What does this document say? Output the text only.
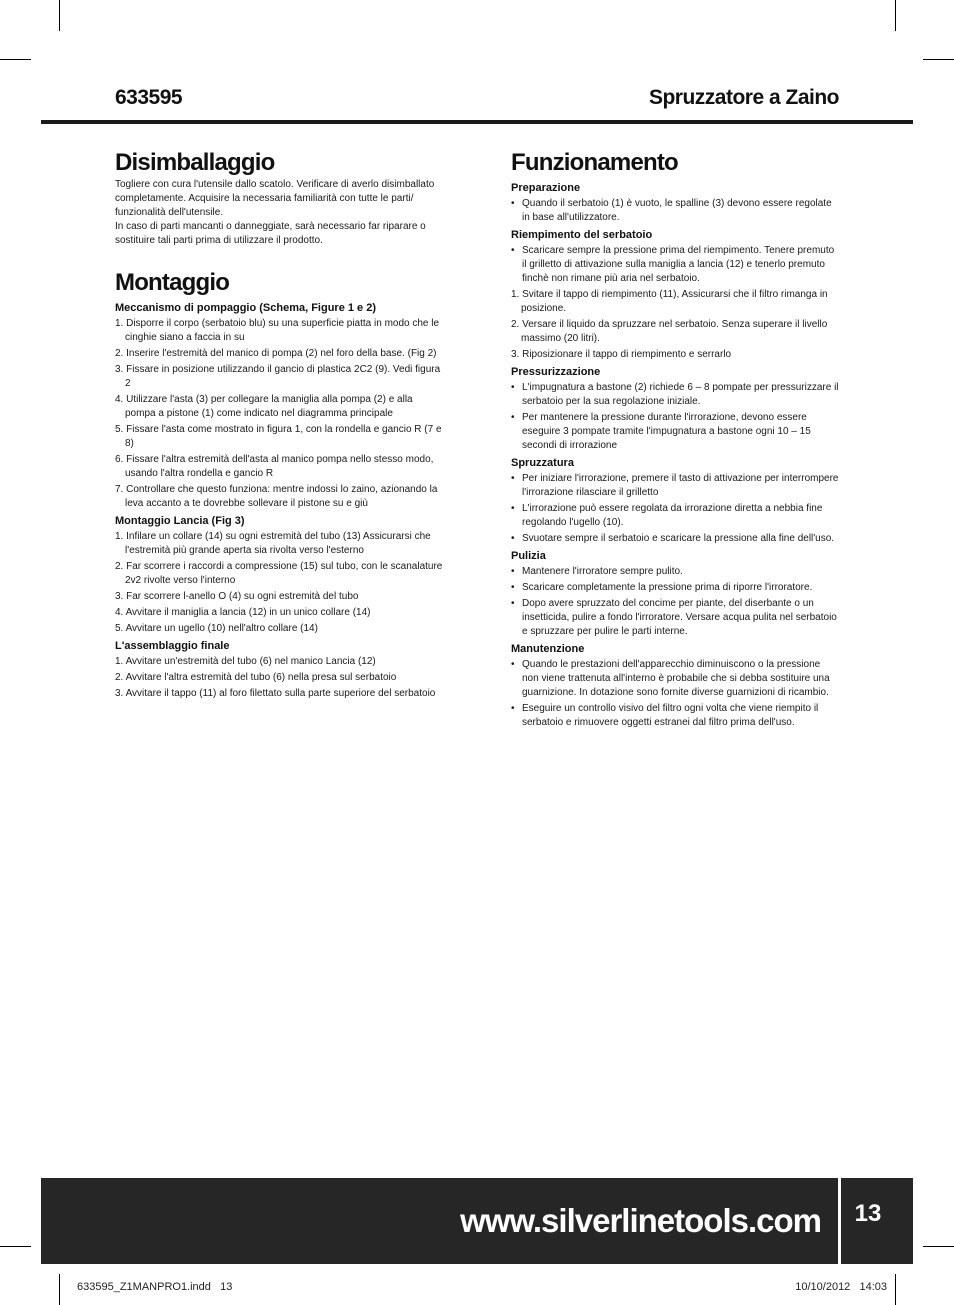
633595	Spruzzatore a Zaino
Disimballaggio

Togliere con cura l'utensile dallo scatolo. Verificare di averlo disimballato completamente. Acquisire la necessaria familiarità con tutte le parti/ funzionalità dell'utensile.

In caso di parti mancanti o danneggiate, sarà necessario far riparare o sostituire tali parti prima di utilizzare il prodotto.

Montaggio
Meccanismo di pompaggio (Schema, Figure 1 e 2)
1. Disporre il corpo (serbatoio blu) su una superficie piatta in modo che le cinghie siano a faccia in su
2. Inserire l'estremità del manico di pompa (2) nel foro della base. (Fig 2)
3. Fissare in posizione utilizzando il gancio di plastica 2C2 (9). Vedi figura 2
4. Utilizzare l'asta (3) per collegare la maniglia alla pompa (2) e alla pompa a pistone (1) come indicato nel diagramma principale
5. Fissare l'asta come mostrato in figura 1, con la rondella e gancio R (7 e 8)
6. Fissare l'altra estremità dell'asta al manico pompa nello stesso modo, usando l'altra rondella e gancio R
7. Controllare che questo funziona: mentre indossi lo zaino, azionando la leva accanto a te dovrebbe sollevare il pistone su e giù
Montaggio Lancia (Fig 3)
1. Infilare un collare (14) su ogni estremità del tubo (13) Assicurarsi che l'estremità più grande aperta sia rivolta verso l'esterno
2. Far scorrere i raccordi a compressione (15) sul tubo, con le scanalature 2v2 rivolte verso l'interno
3. Far scorrere l-anello O (4) su ogni estremità del tubo
4. Avvitare il maniglia a lancia (12) in un unico collare (14)
5. Avvitare un ugello (10) nell'altro collare (14)
L'assemblaggio finale
1. Avvitare un'estremità del tubo (6) nel manico Lancia (12)
2. Avvitare l'altra estremità del tubo (6) nella presa sul serbatoio
3. Avvitare il tappo (11) al foro filettato sulla parte superiore del serbatoio
Funzionamento
Preparazione
• Quando il serbatoio (1) è vuoto, le spalline (3) devono essere regolate in base all'utilizzatore.
Riempimento del serbatoio
• Scaricare sempre la pressione prima del riempimento. Tenere premuto il grilletto di attivazione sulla maniglia a lancia (12) e tenerlo premuto finchè non rimane più aria nel serbatoio.
1. Svitare il tappo di riempimento (11), Assicurarsi che il filtro rimanga in posizione.
2. Versare il liquido da spruzzare nel serbatoio. Senza superare il livello massimo (20 litri).
3. Riposizionare il tappo di riempimento e serrarlo
Pressurizzazione
• L'impugnatura a bastone (2) richiede 6 – 8 pompate per pressurizzare il serbatoio per la sua regolazione iniziale.
• Per mantenere la pressione durante l'irrorazione, devono essere eseguire 3 pompate tramite l'impugnatura a bastone ogni 10 – 15 secondi di irrorazione
Spruzzatura
• Per iniziare l'irrorazione, premere il tasto di attivazione per interrompere l'irrorazione rilasciare il grilletto
• L'irrorazione può essere regolata da irrorazione diretta a nebbia fine regolando l'ugello (10).
• Svuotare sempre il serbatoio e scaricare la pressione alla fine dell'uso.
Pulizia
• Mantenere l'irroratore sempre pulito.
• Scaricare completamente la pressione prima di riporre l'irroratore.
• Dopo avere spruzzato del concime per piante, del diserbante o un insetticida, pulire a fondo l'irroratore. Versare acqua pulita nel serbatoio e spruzzare per pulire le parti interne.
Manutenzione
• Quando le prestazioni dell'apparecchio diminuiscono o la pressione non viene trattenuta all'interno è probabile che si debba sostituire una guarnizione. In dotazione sono fornite diverse guarnizioni di ricambio.
• Eseguire un controllo visivo del filtro ogni volta che viene riempito il serbatoio e rimuovere oggetti estranei dal filtro prima dell'uso.
www.silverlinetools.com	13
633595_Z1MANPRO1.indd   13	10/10/2012   14:03
